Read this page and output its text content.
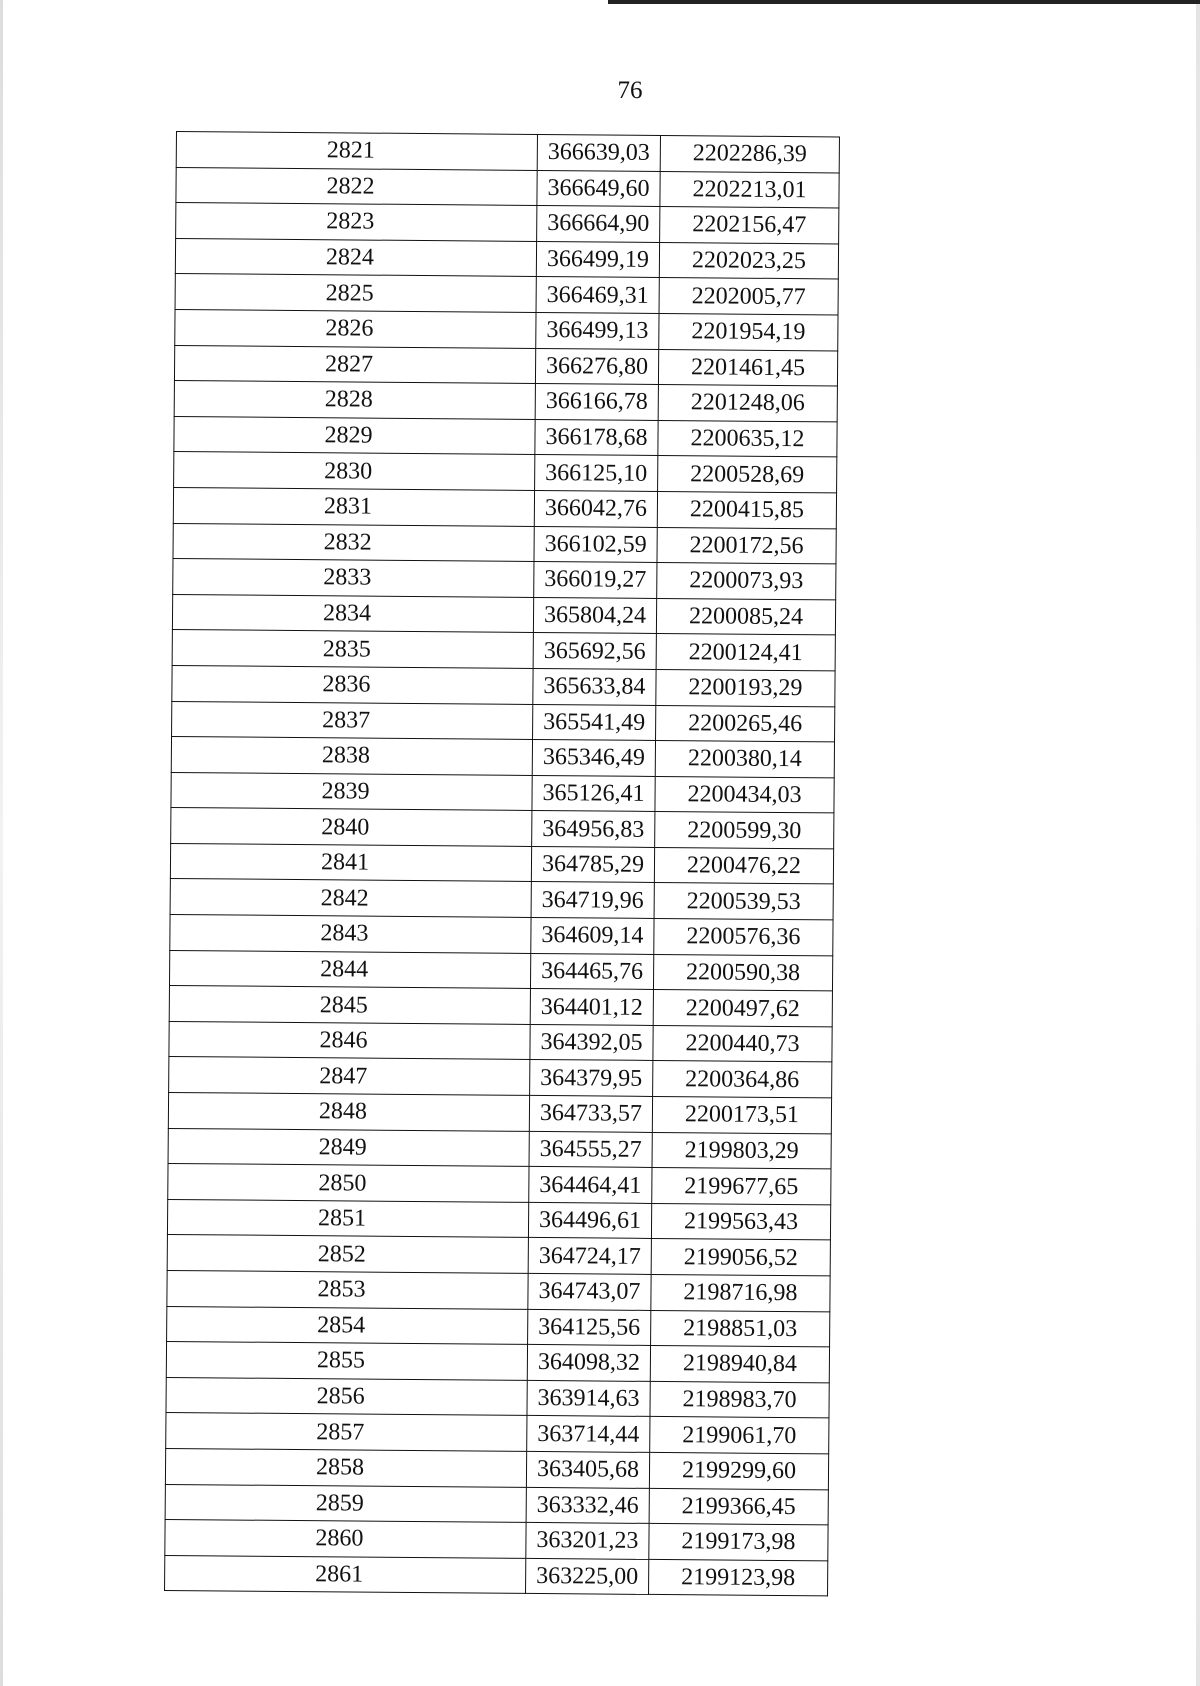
76
2821	366639,03	2202286,39
2822	366649,60	2202213,01
2823	366664,90	2202156,47
2824	366499,19	2202023,25
2825	366469,31	2202005,77
2826	366499,13	2201954,19
2827	366276,80	2201461,45
2828	366166,78	2201248,06
2829	366178,68	2200635,12
2830	366125,10	2200528,69
2831	366042,76	2200415,85
2832	366102,59	2200172,56
2833	366019,27	2200073,93
2834	365804,24	2200085,24
2835	365692,56	2200124,41
2836	365633,84	2200193,29
2837	365541,49	2200265,46
2838	365346,49	2200380,14
2839	365126,41	2200434,03
2840	364956,83	2200599,30
2841	364785,29	2200476,22
2842	364719,96	2200539,53
2843	364609,14	2200576,36
2844	364465,76	2200590,38
2845	364401,12	2200497,62
2846	364392,05	2200440,73
2847	364379,95	2200364,86
2848	364733,57	2200173,51
2849	364555,27	2199803,29
2850	364464,41	2199677,65
2851	364496,61	2199563,43
2852	364724,17	2199056,52
2853	364743,07	2198716,98
2854	364125,56	2198851,03
2855	364098,32	2198940,84
2856	363914,63	2198983,70
2857	363714,44	2199061,70
2858	363405,68	2199299,60
2859	363332,46	2199366,45
2860	363201,23	2199173,98
2861	363225,00	2199123,98
